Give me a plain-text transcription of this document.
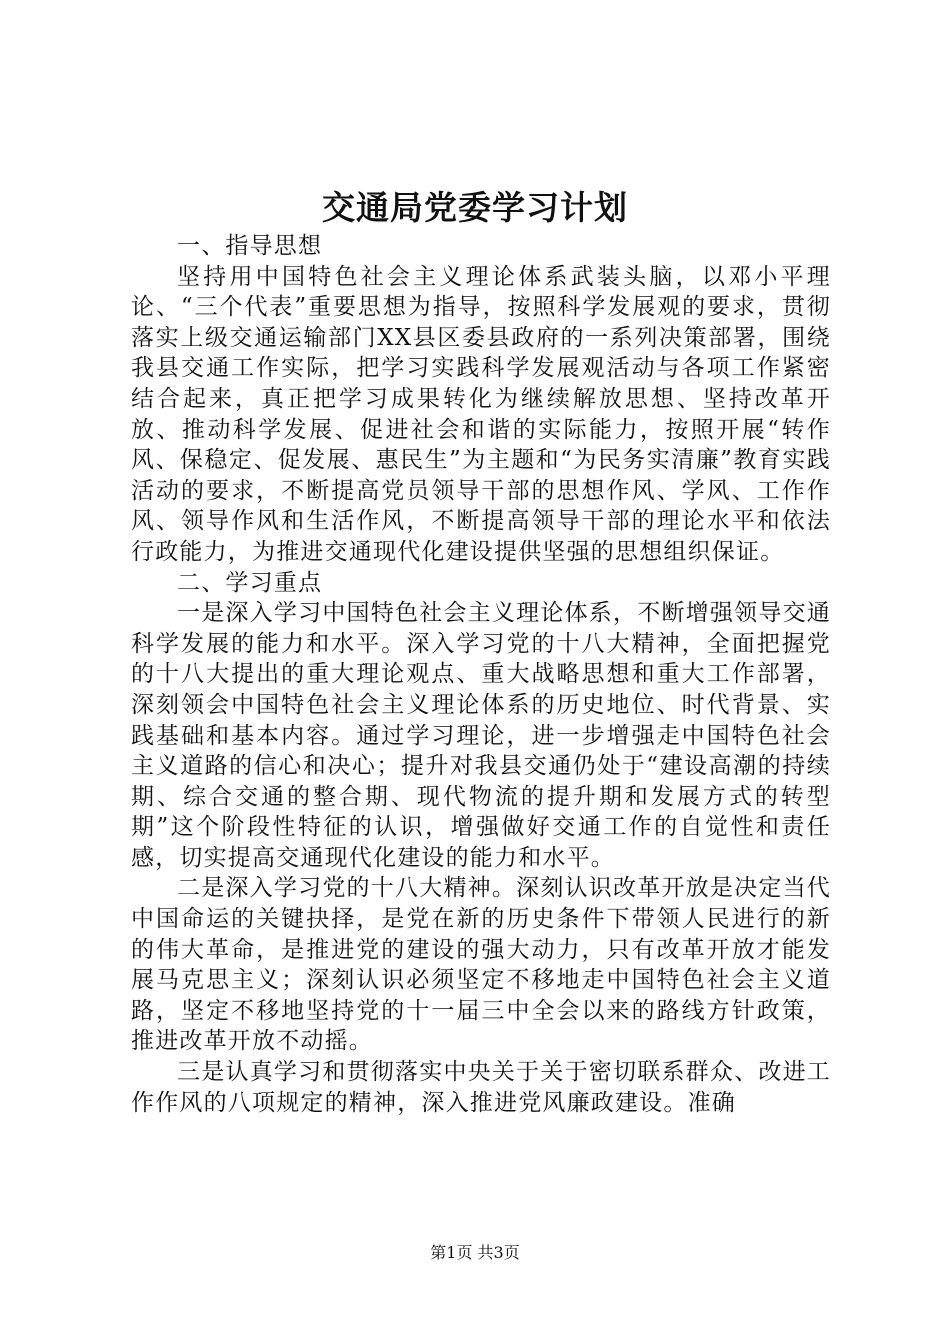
交通局党委学习计划

一、指导思想

坚持用中国特色社会主义理论体系武装头脑，以邓小平理论、“三个代表”重要思想为指导，按照科学发展观的要求，贯彻落实上级交通运输部门XX县区委县政府的一系列决策部署，围绕我县交通工作实际，把学习实践科学发展观活动与各项工作紧密结合起来，真正把学习成果转化为继续解放思想、坚持改革开放、推动科学发展、促进社会和谐的实际能力，按照开展“转作风、保稳定、促发展、惠民生”为主题和“为民务实清廉”教育实践活动的要求，不断提高党员领导干部的思想作风、学风、工作作风、领导作风和生活作风，不断提高领导干部的理论水平和依法行政能力，为推进交通现代化建设提供坚强的思想组织保证。

二、学习重点

一是深入学习中国特色社会主义理论体系，不断增强领导交通科学发展的能力和水平。深入学习党的十八大精神，全面把握党的十八大提出的重大理论观点、重大战略思想和重大工作部署，深刻领会中国特色社会主义理论体系的历史地位、时代背景、实践基础和基本内容。通过学习理论，进一步增强走中国特色社会主义道路的信心和决心；提升对我县交通仍处于“建设高潮的持续期、综合交通的整合期、现代物流的提升期和发展方式的转型期”这个阶段性特征的认识，增强做好交通工作的自觉性和责任感，切实提高交通现代化建设的能力和水平。

二是深入学习党的十八大精神。深刻认识改革开放是决定当代中国命运的关键抉择，是党在新的历史条件下带领人民进行的新的伟大革命，是推进党的建设的强大动力，只有改革开放才能发展马克思主义；深刻认识必须坚定不移地走中国特色社会主义道路，坚定不移地坚持党的十一届三中全会以来的路线方针政策，推进改革开放不动摇。

三是认真学习和贯彻落实中央关于关于密切联系群众、改进工作作风的八项规定的精神，深入推进党风廉政建设。准确

第1页 共3页
